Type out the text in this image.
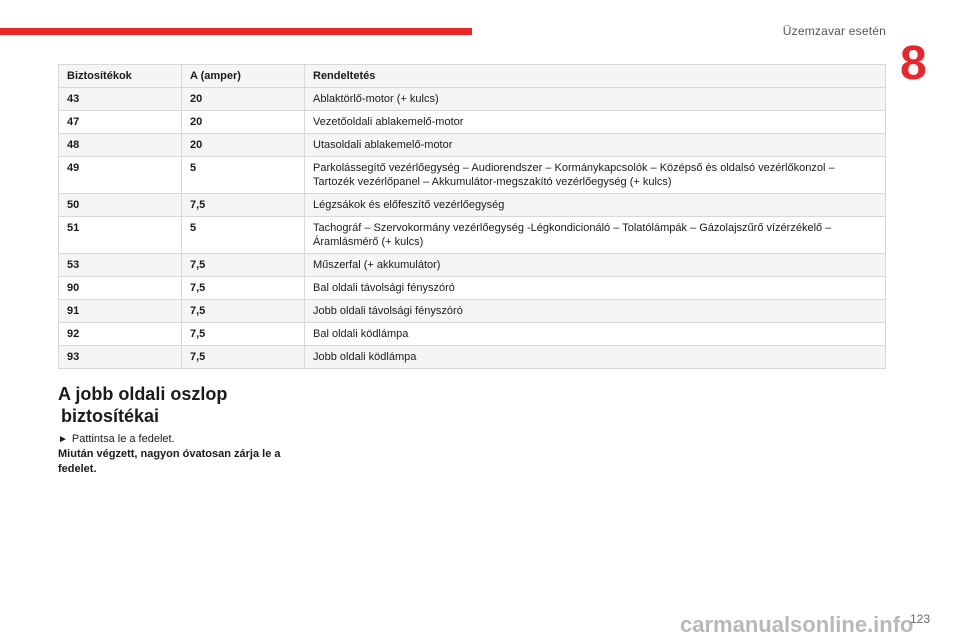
Üzemzavar esetén
8
Biztosítékok	A (amper)	Rendeltetés
43	20	Ablaktörlő-motor (+ kulcs)
47	20	Vezetőoldali ablakemelő-motor
48	20	Utasoldali ablakemelő-motor
49	5	Parkolássegítő vezérlőegység – Audiorendszer – Kormánykapcsolók – Középső és oldalsó vezérlőkonzol – Tartozék vezérlőpanel – Akkumulátor-megszakító vezérlőegység (+ kulcs)
50	7,5	Légzsákok és előfeszítő vezérlőegység
51	5	Tachográf – Szervokormány vezérlőegység -Légkondicionáló – Tolatólámpák – Gázolajszűrő vízérzékelő – Áramlásmérő (+ kulcs)
53	7,5	Műszerfal (+ akkumulátor)
90	7,5	Bal oldali távolsági fényszóró
91	7,5	Jobb oldali távolsági fényszóró
92	7,5	Bal oldali ködlámpa
93	7,5	Jobb oldali ködlámpa
A jobb oldali oszlop
biztosítékai
► Pattintsa le a fedelet.
Miután végzett, nagyon óvatosan zárja le a fedelet.
carmanualsonline.info
123
